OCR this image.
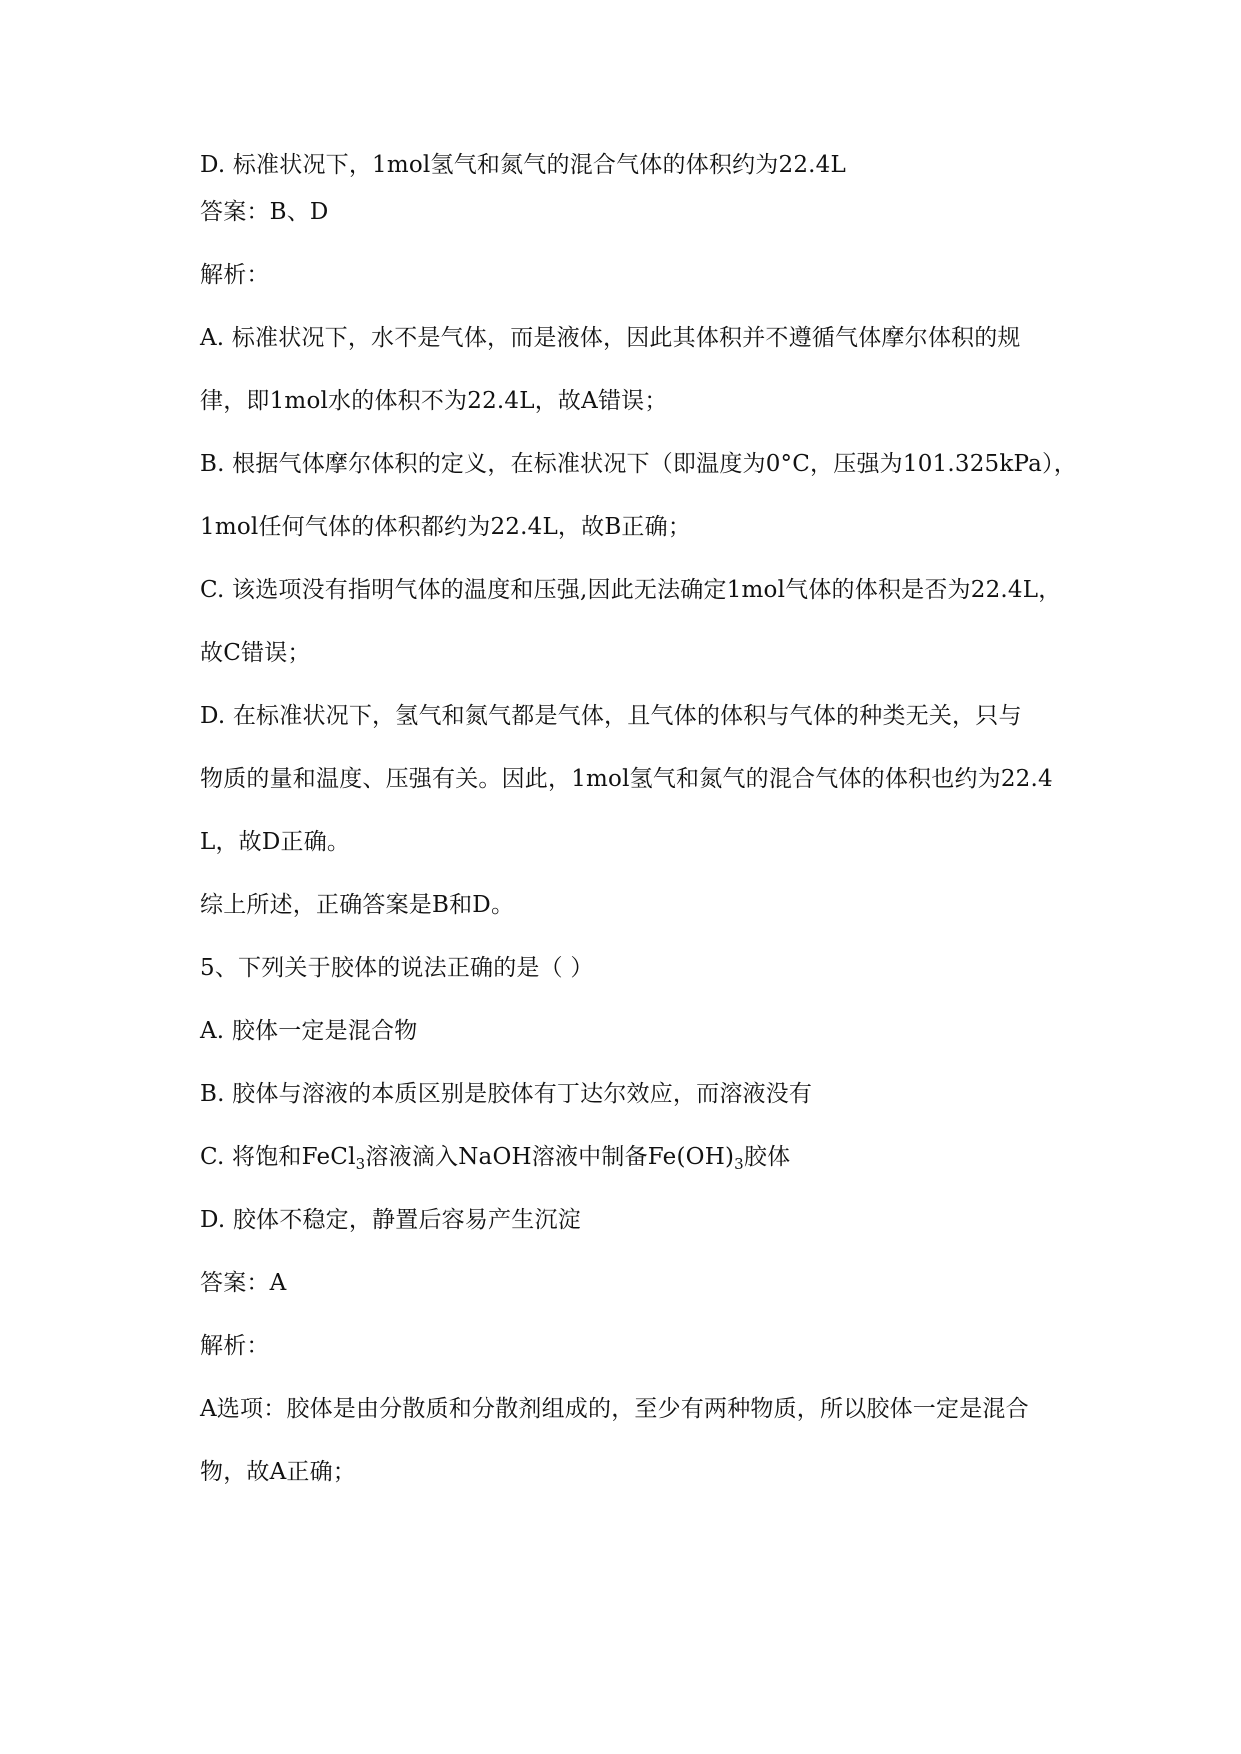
D. 标准状况下，1mol氢气和氮气的混合气体的体积约为22.4L

答案：B、D

解析：

A. 标准状况下，水不是气体，而是液体，因此其体积并不遵循气体摩尔体积的规

律，即1mol水的体积不为22.4L，故A错误；

B. 根据气体摩尔体积的定义，在标准状况下（即温度为0°C，压强为101.325kPa），

1mol任何气体的体积都约为22.4L，故B正确；

C. 该选项没有指明气体的温度和压强,因此无法确定1mol气体的体积是否为22.4L，

故C错误；

D. 在标准状况下，氢气和氮气都是气体，且气体的体积与气体的种类无关，只与

物质的量和温度、压强有关。因此，1mol氢气和氮气的混合气体的体积也约为22.4

L，故D正确。

综上所述，正确答案是B和D。

5、下列关于胶体的说法正确的是（ ）

A. 胶体一定是混合物

B. 胶体与溶液的本质区别是胶体有丁达尔效应，而溶液没有

C. 将饱和FeCl$_3$溶液滴入NaOH溶液中制备$Fe(OH)_3$胶体

D. 胶体不稳定，静置后容易产生沉淀

答案：A

解析：

A选项：胶体是由分散质和分散剂组成的，至少有两种物质，所以胶体一定是混合

物，故A正确；
